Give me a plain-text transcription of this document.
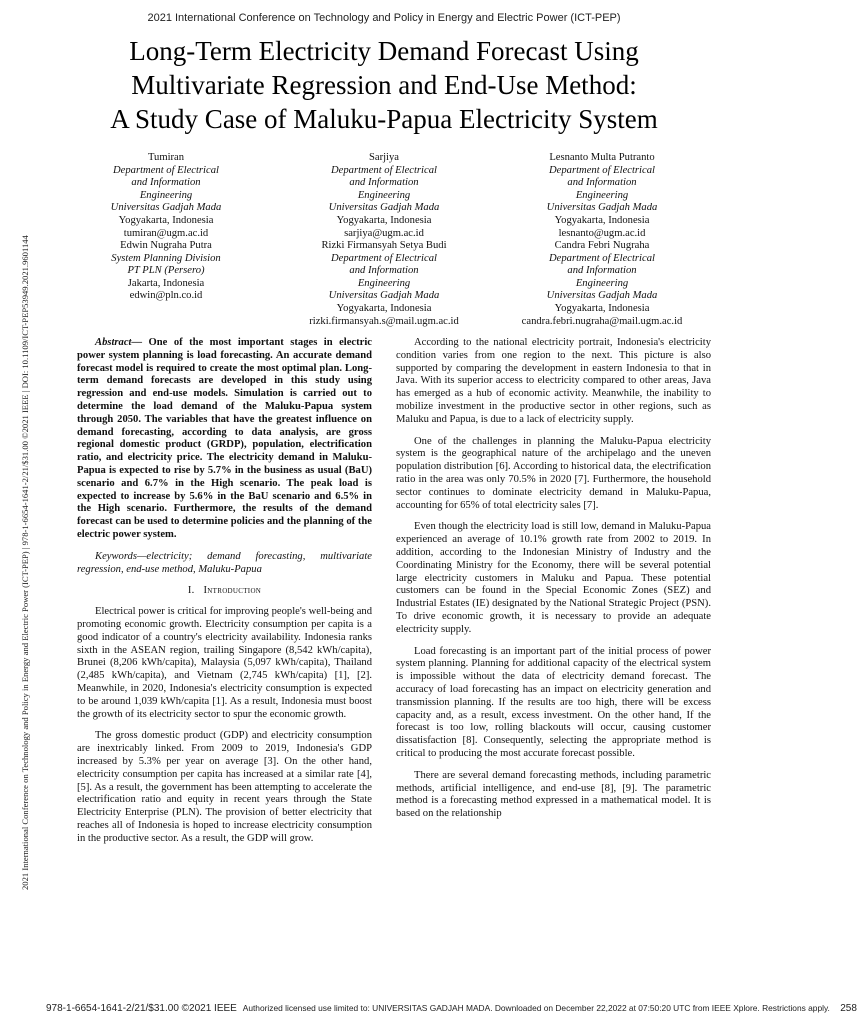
2021 International Conference on Technology and Policy in Energy and Electric Power (ICT-PEP)
Long-Term Electricity Demand Forecast Using
Multivariate Regression and End-Use Method:
A Study Case of Maluku-Papua Electricity System
2021 International Conference on Technology and Policy in Energy and Electric Power (ICT-PEP) | 978-1-6654-1641-2/21/$31.00 ©2021 IEEE | DOI: 10.1109/ICT-PEP53949.2021.9601144
Tumiran
Department of Electrical and Information Engineering
Universitas Gadjah Mada
Yogyakarta, Indonesia
tumiran@ugm.ac.id
Sarjiya
Department of Electrical and Information Engineering
Universitas Gadjah Mada
Yogyakarta, Indonesia
sarjiya@ugm.ac.id
Lesnanto Multa Putranto
Department of Electrical and Information Engineering
Universitas Gadjah Mada
Yogyakarta, Indonesia
lesnanto@ugm.ac.id
Edwin Nugraha Putra
System Planning Division
PT PLN (Persero)
Jakarta, Indonesia
edwin@pln.co.id
Rizki Firmansyah Setya Budi
Department of Electrical and Information Engineering
Universitas Gadjah Mada
Yogyakarta, Indonesia
rizki.firmansyah.s@mail.ugm.ac.id
Candra Febri Nugraha
Department of Electrical and Information Engineering
Universitas Gadjah Mada
Yogyakarta, Indonesia
candra.febri.nugraha@mail.ugm.ac.id

Abstract— One of the most important stages in electric power system planning is load forecasting. An accurate demand forecast model is required to create the most optimal plan. Long-term demand forecasts are developed in this study using regression and end-use models. Simulation is carried out to determine the load demand of the Maluku-Papua system through 2050. The variables that have the greatest influence on demand forecasting, according to data analysis, are gross regional domestic product (GRDP), population, electrification ratio, and electricity price. The electricity demand in Maluku-Papua is expected to rise by 5.7% in the business as usual (BaU) scenario and 6.7% in the High scenario. The peak load is expected to increase by 5.6% in the BaU scenario and 6.5% in the High scenario. Furthermore, the results of the demand forecast can be used to determine policies and the planning of the electric power system.

Keywords—electricity; demand forecasting, multivariate regression, end-use method, Maluku-Papua

I. Introduction

Electrical power is critical for improving people's well-being and promoting economic growth. Electricity consumption per capita is a good indicator of a country's electricity availability. Indonesia ranks sixth in the ASEAN region, trailing Singapore (8,542 kWh/capita), Brunei (8,206 kWh/capita), Malaysia (5,097 kWh/capita), Thailand (2,485 kWh/capita), and Vietnam (2,745 kWh/capita) [1], [2]. Meanwhile, in 2020, Indonesia's electricity consumption is expected to be around 1,039 kWh/capita [1]. As a result, Indonesia must boost the growth of its electricity sector to spur the economic growth.

The gross domestic product (GDP) and electricity consumption are inextricably linked. From 2009 to 2019, Indonesia's GDP increased by 5.3% per year on average [3]. On the other hand, electricity consumption per capita has increased at a similar rate [4], [5]. As a result, the government has been attempting to accelerate the electrification ratio and equity in recent years through the State Electricity Enterprise (PLN). The provision of better electricity that reaches all of Indonesia is hoped to increase electricity consumption in the productive sector. As a result, the GDP will grow.

According to the national electricity portrait, Indonesia's electricity condition varies from one region to the next. This picture is also supported by comparing the development in eastern Indonesia to that in Java. With its superior access to electricity compared to other areas, Java has emerged as a hub of economic activity. Meanwhile, the inability to mobilize investment in the productive sector in other regions, such as Maluku and Papua, is due to a lack of electricity supply.

One of the challenges in planning the Maluku-Papua electricity system is the geographical nature of the archipelago and the uneven population distribution [6]. According to historical data, the electrification ratio in the area was only 70.5% in 2020 [7]. Furthermore, the household sector continues to dominate electricity demand in Maluku-Papua, accounting for 65% of total electricity sales [7].

Even though the electricity load is still low, demand in Maluku-Papua experienced an average of 10.1% growth rate from 2002 to 2019. In addition, according to the Indonesian Ministry of Industry and the Coordinating Ministry for the Economy, there will be several potential large electricity customers in Maluku and Papua. These potential customers can be found in the Special Economic Zones (SEZ) and Industrial Estates (IE) designated by the National Strategic Project (PSN). To drive economic growth, it is necessary to provide an adequate electricity supply.

Load forecasting is an important part of the initial process of power system planning. Planning for additional capacity of the electrical system is impossible without the data of electricity demand forecast. The accuracy of load forecasting has an impact on electricity generation and transmission planning. If the results are too high, there will be excess capacity and, as a result, excess investment. On the other hand, If the forecast is too low, rolling blackouts will occur, causing customer dissatisfaction [8]. Consequently, selecting the appropriate method is critical to producing the most accurate forecast possible.

There are several demand forecasting methods, including parametric methods, artificial intelligence, and end-use [8], [9]. The parametric method is a forecasting method expressed in a mathematical model. It is based on the relationship

978-1-6654-1641-2/21/$31.00 ©2021 IEEE Authorized licensed use limited to: UNIVERSITAS GADJAH MADA. Downloaded on December 22,2022 at 07:50:20 UTC from IEEE Xplore. Restrictions apply. 258
